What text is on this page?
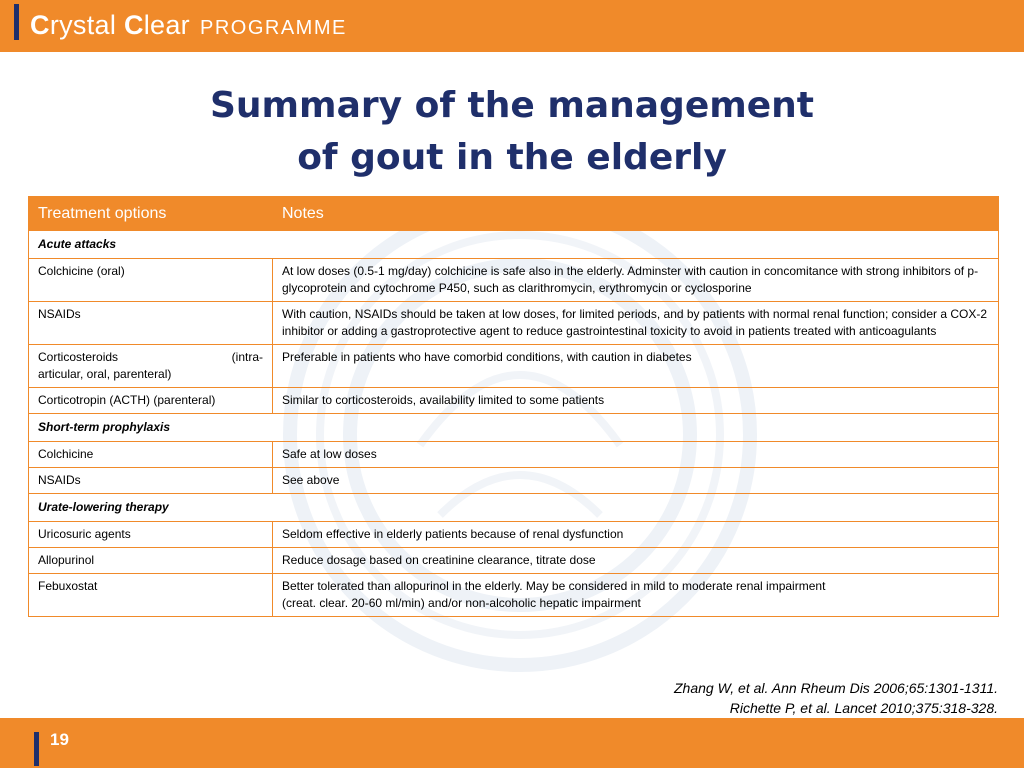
Crystal Clear PROGRAMME
Summary of the management
of gout in the elderly
Treatment options	Notes
Acute attacks	
Colchicine (oral)	At low doses (0.5-1 mg/day) colchicine is safe also in the elderly. Adminster with caution in concomitance with strong inhibitors of p-glycoprotein and cytochrome P450, such as clarithromycin, erythromycin or cyclosporine
NSAIDs	With caution, NSAIDs should be taken at low doses, for limited periods, and by patients with normal renal function; consider a COX-2 inhibitor or adding a gastroprotective agent to reduce gastrointestinal toxicity to avoid in patients treated with anticoagulants

Corticosteroids (intra-
articular, oral, parenteral)	Preferable in patients who have comorbid conditions, with caution in diabetes
Corticotropin (ACTH) (parenteral)	Similar to corticosteroids, availability limited to some patients
Short-term prophylaxis	
Colchicine	Safe at low doses
NSAIDs	See above
Urate-lowering therapy	
Uricosuric agents	Seldom effective in elderly patients because of renal dysfunction
Allopurinol	Reduce dosage based on creatinine clearance, titrate dose
Febuxostat	Better tolerated than allopurinol in the elderly. May be considered in mild to moderate renal impairment
(creat. clear. 20-60 ml/min) and/or non-alcoholic hepatic impairment
Zhang W, et al. Ann Rheum Dis 2006;65:1301-1311.
Richette P, et al. Lancet 2010;375:318-328.
19
